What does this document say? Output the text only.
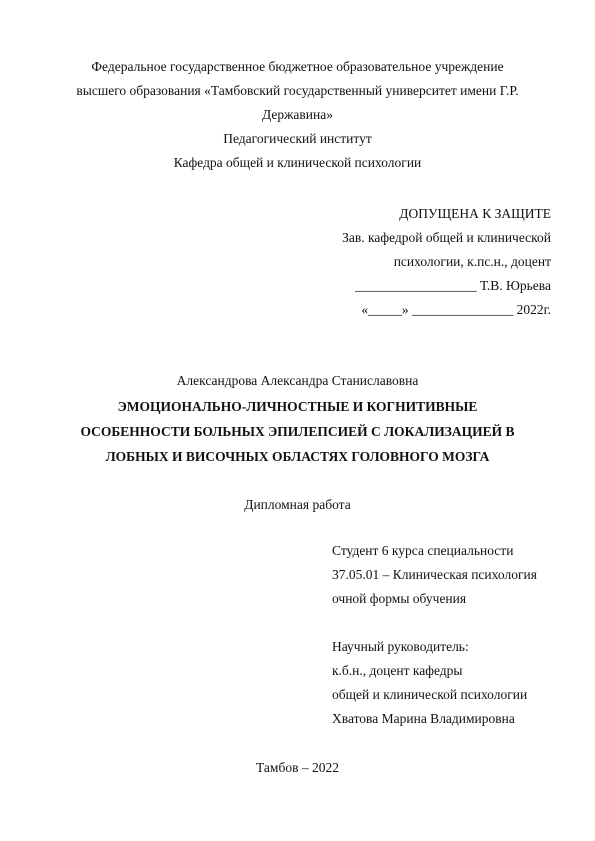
Федеральное государственное бюджетное образовательное учреждение
высшего образования «Тамбовский государственный университет имени Г.Р.
Державина»
Педагогический институт
Кафедра общей и клинической психологии
ДОПУЩЕНА К ЗАЩИТЕ
Зав. кафедрой общей и клинической
психологии, к.пс.н., доцент
__________________ Т.В. Юрьева
«_____» _______________ 2022г.
Александрова Александра Станиславовна
ЭМОЦИОНАЛЬНО-ЛИЧНОСТНЫЕ И КОГНИТИВНЫЕ
ОСОБЕННОСТИ БОЛЬНЫХ ЭПИЛЕПСИЕЙ С ЛОКАЛИЗАЦИЕЙ В
ЛОБНЫХ И ВИСОЧНЫХ ОБЛАСТЯХ ГОЛОВНОГО МОЗГА
Дипломная работа
Студент 6 курса специальности
37.05.01 – Клиническая психология
очной формы обучения
Научный руководитель:
к.б.н., доцент кафедры
общей и клинической психологии
Хватова Марина Владимировна
Тамбов – 2022
